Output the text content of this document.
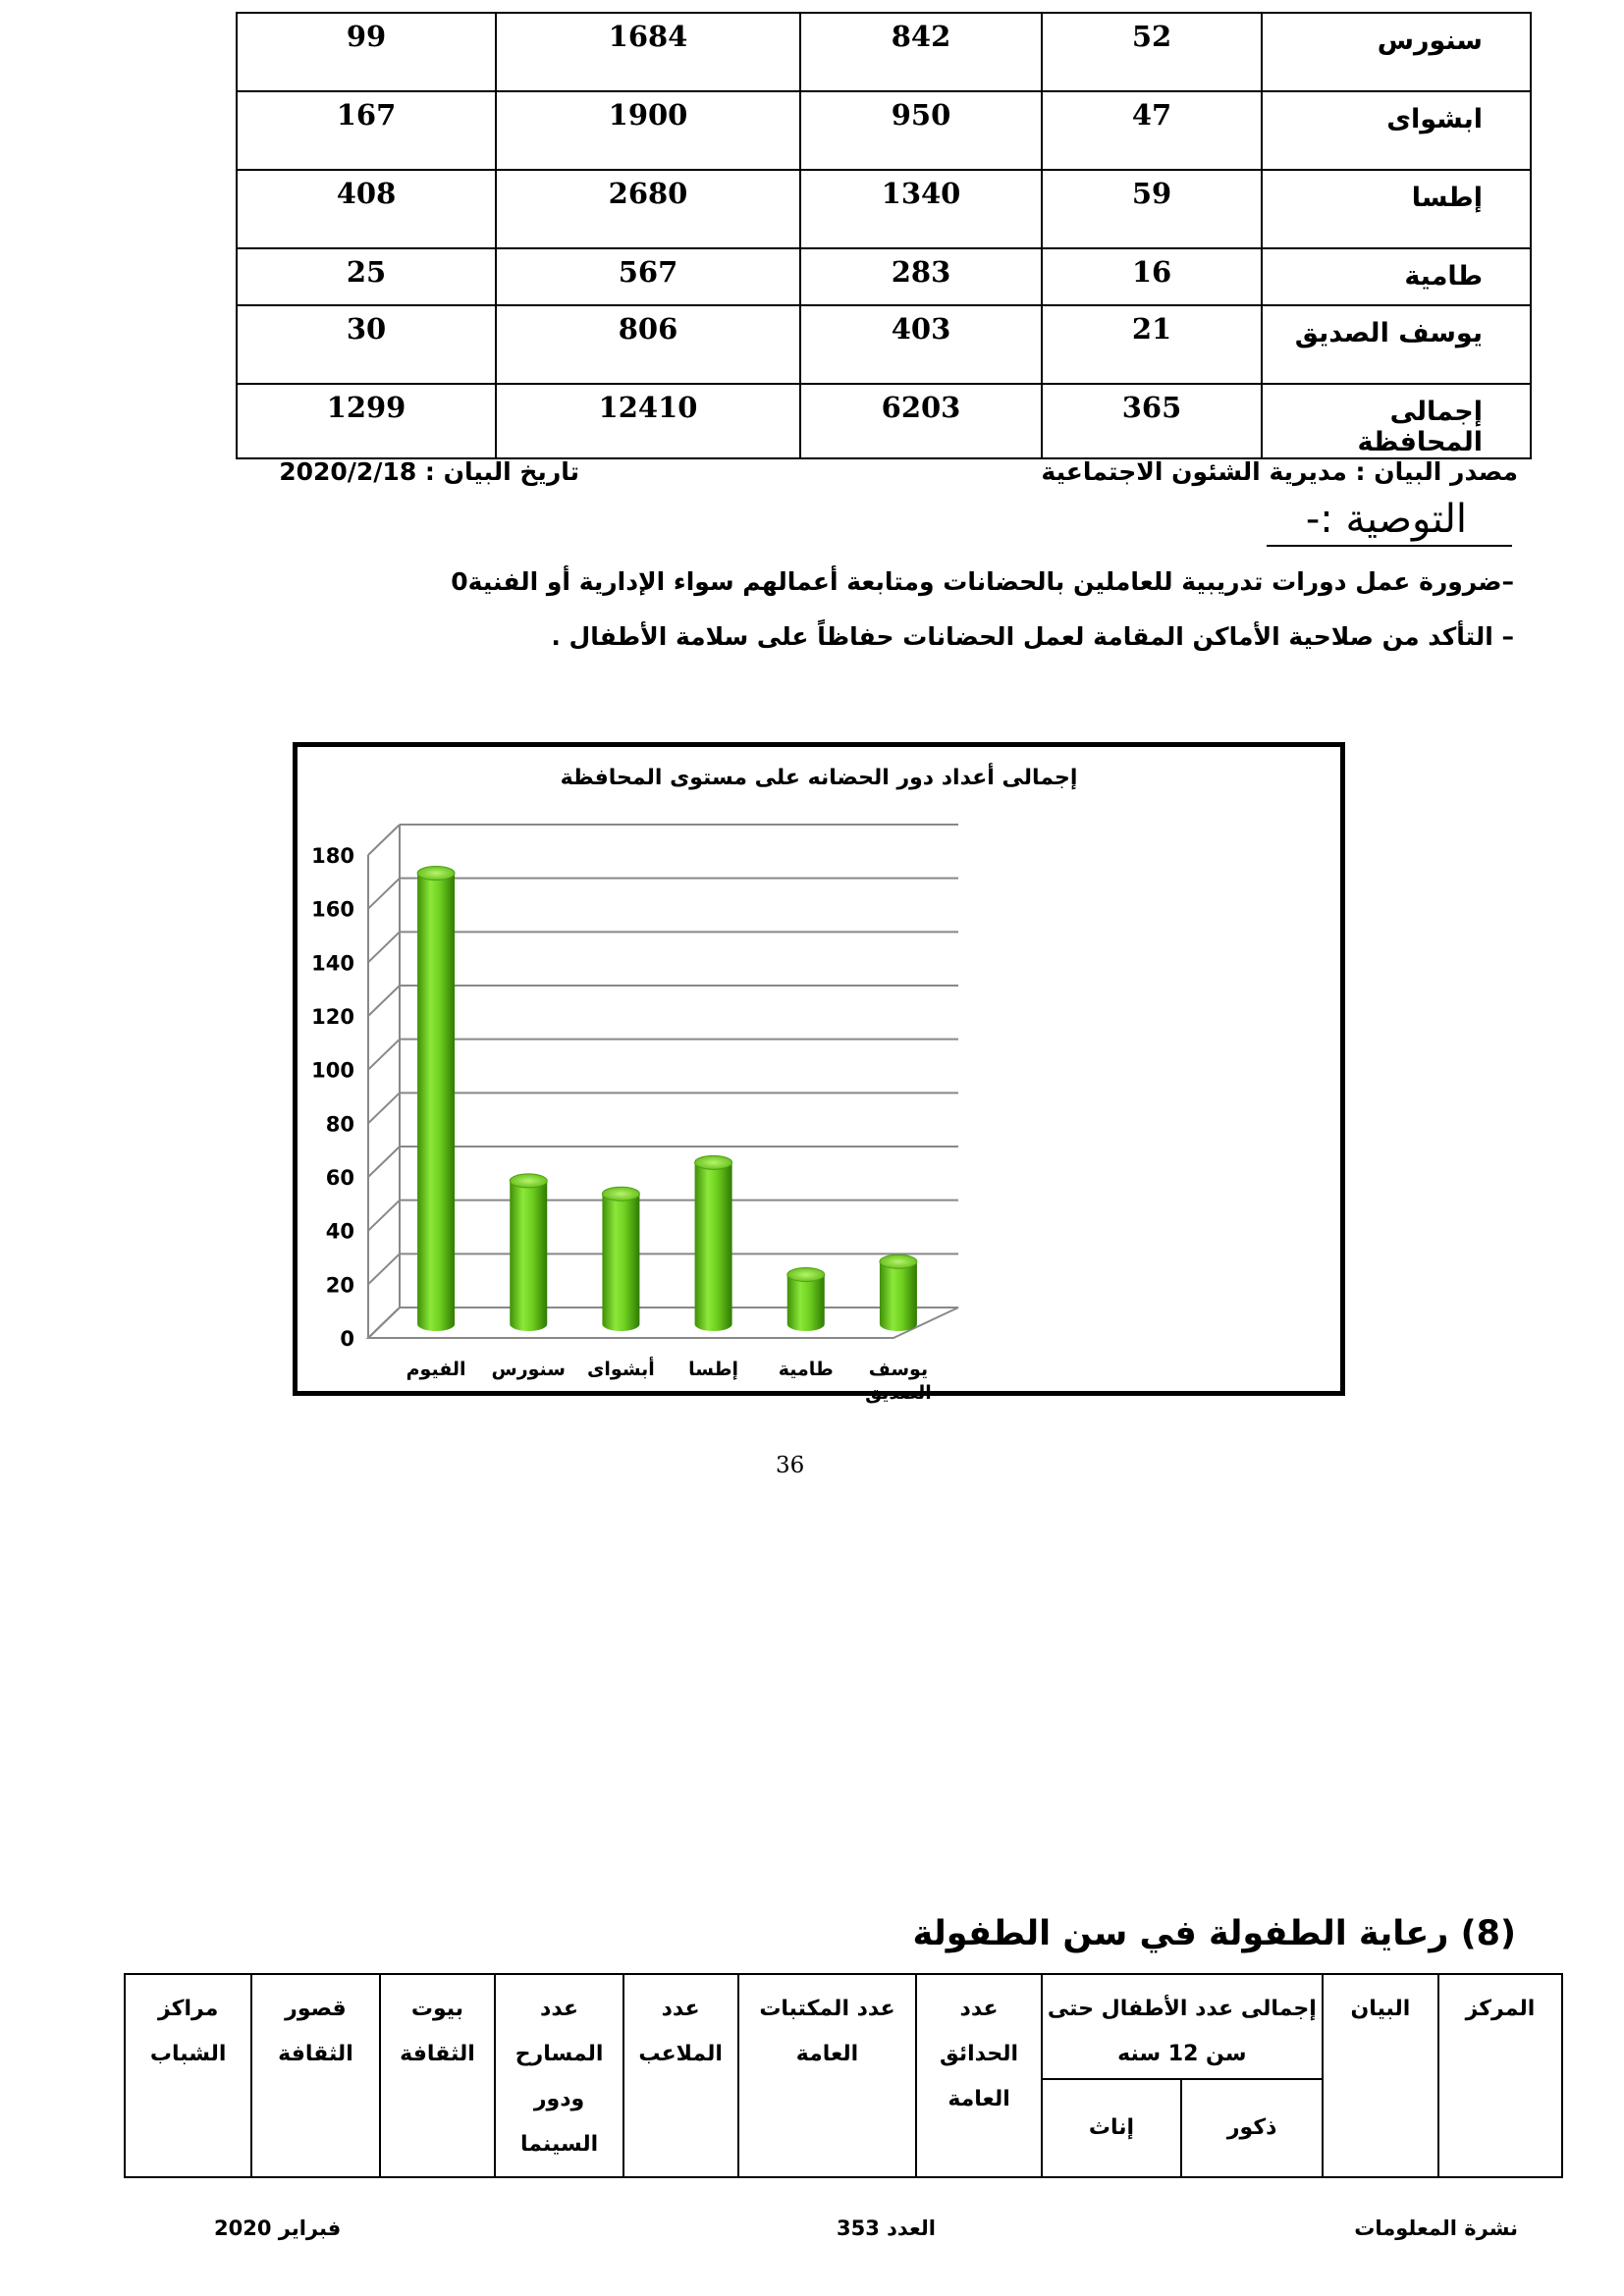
99	1684	842	52	سنورس
167	1900	950	47	ابشواى
408	2680	1340	59	إطسا
25	567	283	16	طامية
30	806	403	21	يوسف الصديق
1299	12410	6203	365	إجمالى المحافظة
مصدر البيان : مديرية الشئون الاجتماعية
تاريخ البيان : 2020/2/18
التوصية :-
–ضرورة عمل دورات تدريبية للعاملين بالحضانات ومتابعة أعمالهم سواء الإدارية أو الفنية0
– التأكد من صلاحية الأماكن المقامة لعمل الحضانات حفاظاً على سلامة الأطفال .
إجمالى أعداد دور الحضانه على مستوى المحافظة
0
20
40
60
80
100
120
140
160
180
الفيوم سنورس أبشواى إطسا طامية يوسف الصديق
36
(8) رعاية الطفولة في سن الطفولة
المركز	البيان	إجمالى عدد الأطفال حتى سن 12 سنه		عدد الحدائق العامة	عدد المكتبات العامة	عدد الملاعب	عدد المسارح ودور السينما	بيوت الثقافة	قصور الثقافة	مراكز الشباب
		ذكور	إناث							
نشرة المعلومات
العدد 353
فبراير 2020
